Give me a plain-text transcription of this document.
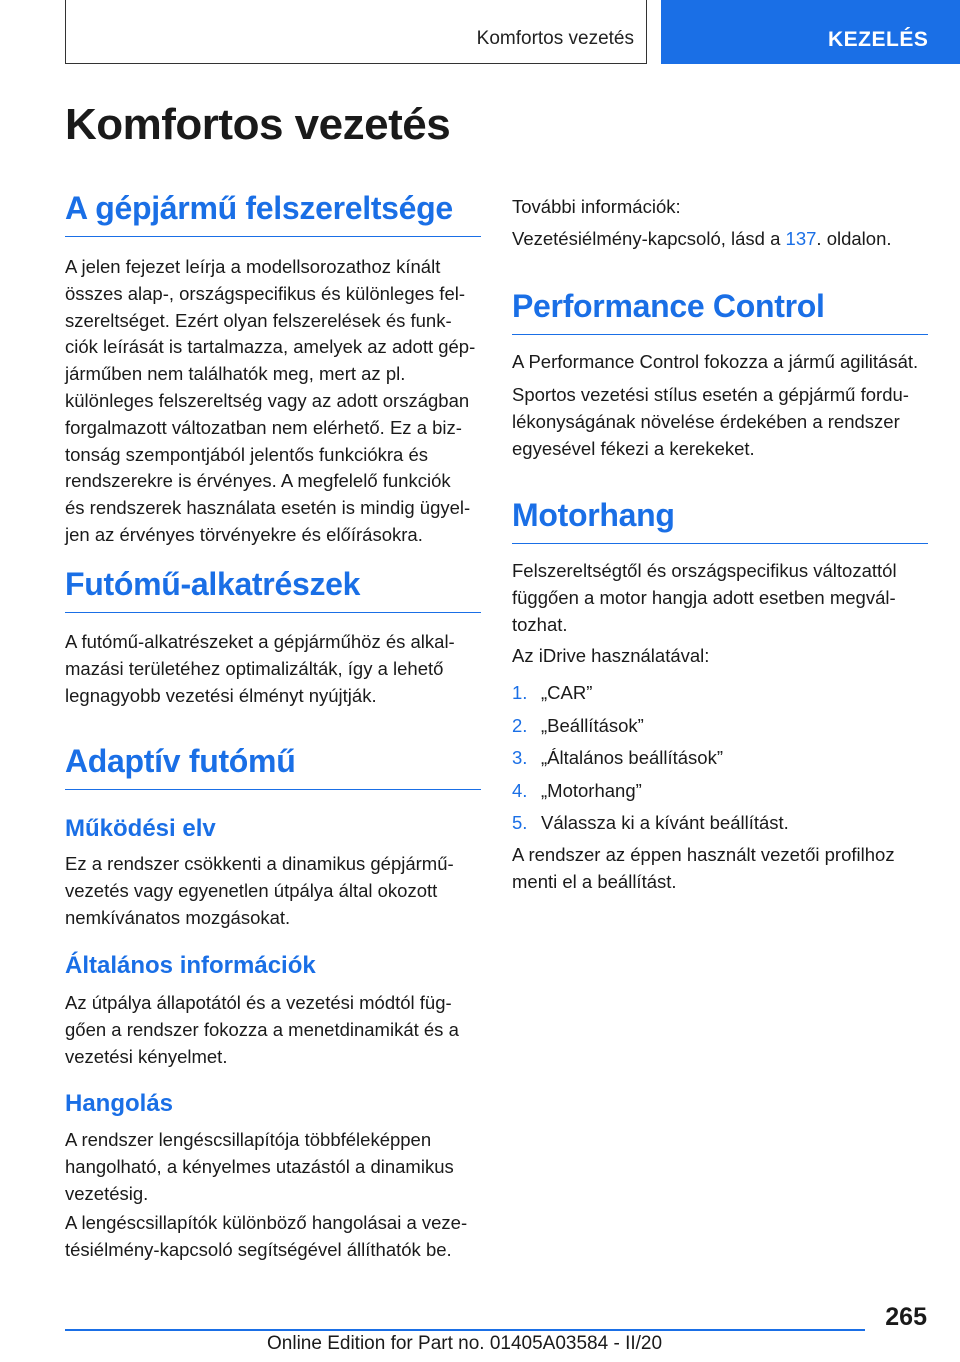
Komfortos vezetés	KEZELÉS
Komfortos vezetés
A gépjármű felszereltsége

A jelen fejezet leírja a modellsorozathoz kínált
összes alap-, országspecifikus és különleges fel-
szereltséget. Ezért olyan felszerelések és funk-
ciók leírását is tartalmazza, amelyek az adott gép-
járműben nem találhatók meg, mert az pl.
különleges felszereltség vagy az adott országban
forgalmazott változatban nem elérhető. Ez a biz-
tonság szempontjából jelentős funkciókra és
rendszerekre is érvényes. A megfelelő funkciók
és rendszerek használata esetén is mindig ügyel-
jen az érvényes törvényekre és előírásokra.

Futómű-alkatrészek

A futómű-alkatrészeket a gépjárműhöz és alkal-
mazási területéhez optimalizálták, így a lehető
legnagyobb vezetési élményt nyújtják.

Adaptív futómű
Működési elv

Ez a rendszer csökkenti a dinamikus gépjármű-
vezetés vagy egyenetlen útpálya által okozott
nemkívánatos mozgásokat.

Általános információk

Az útpálya állapotától és a vezetési módtól füg-
gően a rendszer fokozza a menetdinamikát és a
vezetési kényelmet.

Hangolás

A rendszer lengéscsillapítója többféleképpen
hangolható, a kényelmes utazástól a dinamikus
vezetésig.

A lengéscsillapítók különböző hangolásai a veze-
tésiélmény-kapcsoló segítségével állíthatók be.

További információk:

Vezetésiélmény-kapcsoló, lásd a 137. oldalon.

Performance Control

A Performance Control fokozza a jármű agilitását.

Sportos vezetési stílus esetén a gépjármű fordu-
lékonyságának növelése érdekében a rendszer
egyesével fékezi a kerekeket.

Motorhang

Felszereltségtől és országspecifikus változattól
függően a motor hangja adott esetben megvál-
tozhat.

Az iDrive használatával:

1. „CAR”
2. „Beállítások”
3. „Általános beállítások”
4. „Motorhang”
5. Válassza ki a kívánt beállítást.

A rendszer az éppen használt vezetői profilhoz
menti el a beállítást.

265
Online Edition for Part no. 01405A03584 - II/20
